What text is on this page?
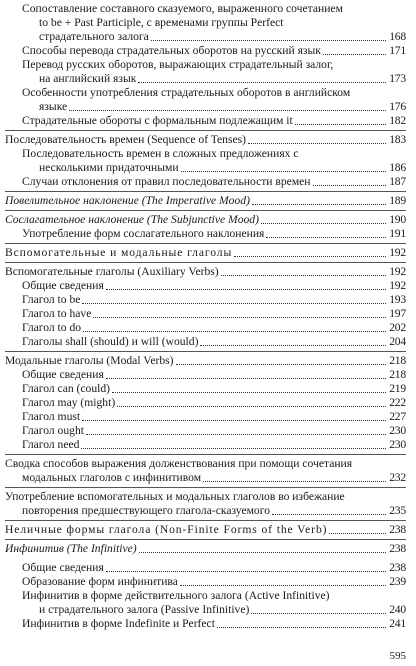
Сопоставление составного сказуемого, выраженного сочетанием
to be + Past Participle, с временами группы Perfect
страдательного залога	168
Способы перевода страдательных оборотов на русский язык	171
Перевод русских оборотов, выражающих страдательный залог,
на английский язык	173
Особенности употребления страдательных оборотов в английском
языке	176
Страдательные обороты с формальным подлежащим it	182
Последовательность времен (Sequence of Tenses)	183
Последовательность времен в сложных предложениях с
несколькими придаточными	186
Случаи отклонения от правил последовательности времен	187
Повелительное наклонение (The Imperative Mood)	189
Сослагательное наклонение (The Subjunctive Mood)	190
Употребление форм сослагательного наклонения	191
Вспомогательные и модальные глаголы	192
Вспомогательные глаголы (Auxiliary Verbs)	192
Общие сведения	192
Глагол to be	193
Глагол to have	197
Глагол to do	202
Глаголы shall (should) и will (would)	204
Модальные глаголы (Modal Verbs)	218
Общие сведения	218
Глагол can (could)	219
Глагол may (might)	222
Глагол must	227
Глагол ought	230
Глагол need	230
Сводка способов выражения долженствования при помощи сочетания
модальных глаголов с инфинитивом	232
Употребление вспомогательных и модальных глаголов во избежание
повторения предшествующего глагола-сказуемого	235
Неличные формы глагола (Non-Finite Forms of the Verb)	238
Инфинитив (The Infinitive)	238
Общие сведения	238
Образование форм инфинитива	239
Инфинитив в форме действительного залога (Active Infinitive)
и страдательного залога (Passive Infinitive)	240
Инфинитив в форме Indefinite и Perfect	241
595
